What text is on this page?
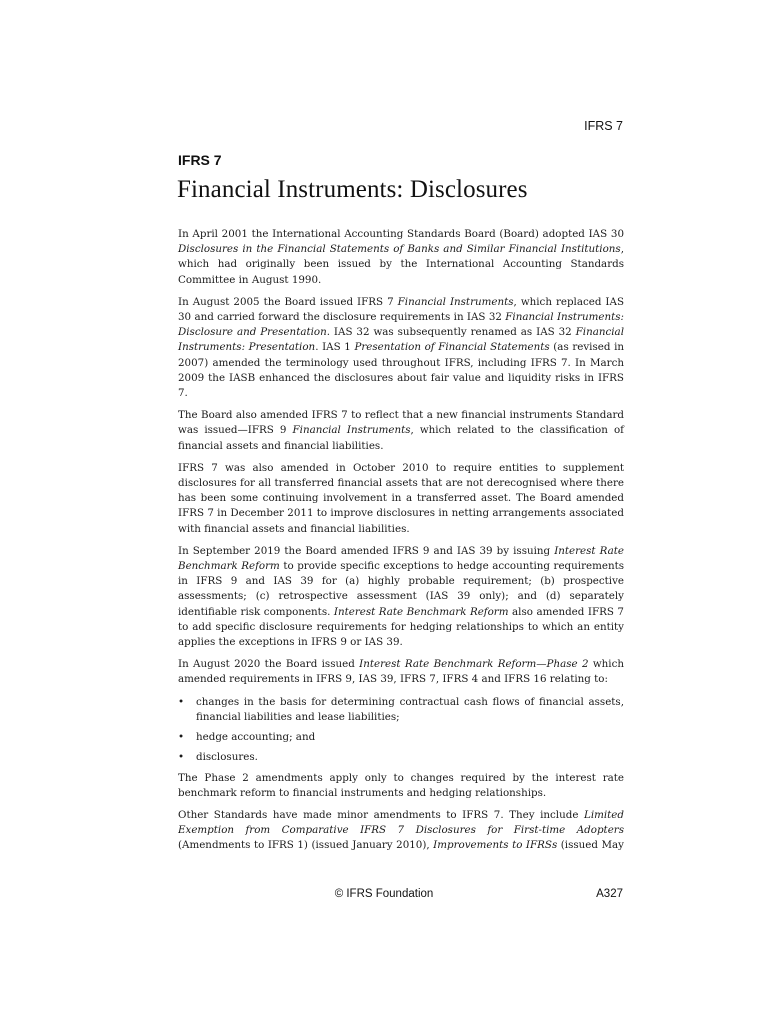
IFRS 7
IFRS 7
Financial Instruments: Disclosures

In April 2001 the International Accounting Standards Board (Board) adopted IAS 30 Disclosures in the Financial Statements of Banks and Similar Financial Institutions, which had originally been issued by the International Accounting Standards Committee in August 1990.

In August 2005 the Board issued IFRS 7 Financial Instruments, which replaced IAS 30 and carried forward the disclosure requirements in IAS 32 Financial Instruments: Disclosure and Presentation. IAS 32 was subsequently renamed as IAS 32 Financial Instruments: Presentation. IAS 1 Presentation of Financial Statements (as revised in 2007) amended the terminology used throughout IFRS, including IFRS 7. In March 2009 the IASB enhanced the disclosures about fair value and liquidity risks in IFRS 7.

The Board also amended IFRS 7 to reflect that a new financial instruments Standard was issued—IFRS 9 Financial Instruments, which related to the classification of financial assets and financial liabilities.

IFRS 7 was also amended in October 2010 to require entities to supplement disclosures for all transferred financial assets that are not derecognised where there has been some continuing involvement in a transferred asset. The Board amended IFRS 7 in December 2011 to improve disclosures in netting arrangements associated with financial assets and financial liabilities.

In September 2019 the Board amended IFRS 9 and IAS 39 by issuing Interest Rate Benchmark Reform to provide specific exceptions to hedge accounting requirements in IFRS 9 and IAS 39 for (a) highly probable requirement; (b) prospective assessments; (c) retrospective assessment (IAS 39 only); and (d) separately identifiable risk components. Interest Rate Benchmark Reform also amended IFRS 7 to add specific disclosure requirements for hedging relationships to which an entity applies the exceptions in IFRS 9 or IAS 39.

In August 2020 the Board issued Interest Rate Benchmark Reform—Phase 2 which amended requirements in IFRS 9, IAS 39, IFRS 7, IFRS 4 and IFRS 16 relating to:

• changes in the basis for determining contractual cash flows of financial assets, financial liabilities and lease liabilities;
• hedge accounting; and
• disclosures.

The Phase 2 amendments apply only to changes required by the interest rate benchmark reform to financial instruments and hedging relationships.

Other Standards have made minor amendments to IFRS 7. They include Limited Exemption from Comparative IFRS 7 Disclosures for First-time Adopters (Amendments to IFRS 1) (issued January 2010), Improvements to IFRSs (issued May

© IFRS Foundation	A327
